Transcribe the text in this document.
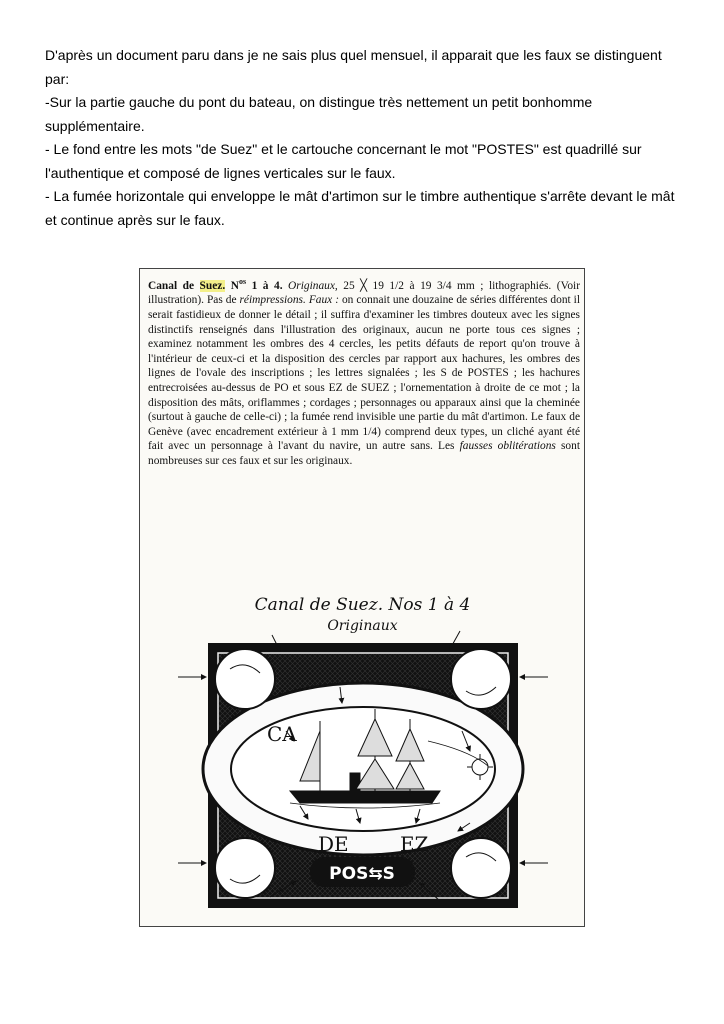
D'après un document paru dans je ne sais plus quel mensuel, il apparait que les faux se distinguent par:

-Sur la partie gauche du pont du bateau, on distingue très nettement un petit bonhomme supplémentaire.

- Le fond entre les mots "de Suez" et le cartouche concernant le mot "POSTES" est quadrillé sur l'authentique et composé de lignes verticales sur le faux.

- La fumée horizontale qui enveloppe le mât d'artimon sur le timbre authentique s'arrête devant le mât et continue après sur le faux.

Canal de Suez. $N^{os}$ 1 à 4. Originaux, 25 ╳ 19 1/2 à 19 3/4 mm ; lithographiés. (Voir illustration). Pas de réimpressions. Faux : on connait une douzaine de séries différentes dont il serait fastidieux de donner le détail ; il suffira d'examiner les timbres douteux avec les signes distinctifs renseignés dans l'illustration des originaux, aucun ne porte tous ces signes ; examinez notamment les ombres des 4 cercles, les petits défauts de report qu'on trouve à l'intérieur de ceux-ci et la disposition des cercles par rapport aux hachures, les ombres des lignes de l'ovale des inscriptions ; les lettres signalées ; les S de POSTES ; les hachures entrecroisées au-dessus de PO et sous EZ de SUEZ ; l'ornementation à droite de ce mot ; la disposition des mâts, oriflammes ; cordages ; personnages ou apparaux ainsi que la cheminée (surtout à gauche de celle-ci) ; la fumée rend invisible une partie du mât d'artimon. Le faux de Genève (avec encadrement extérieur à 1 mm 1/4) comprend deux types, un cliché ayant été fait avec un personnage à l'avant du navire, un autre sans. Les fausses oblitérations sont nombreuses sur ces faux et sur les originaux.

Canal de Suez. Nos 1 à 4
Originaux
CA
DE	EZ
POS⇆S
